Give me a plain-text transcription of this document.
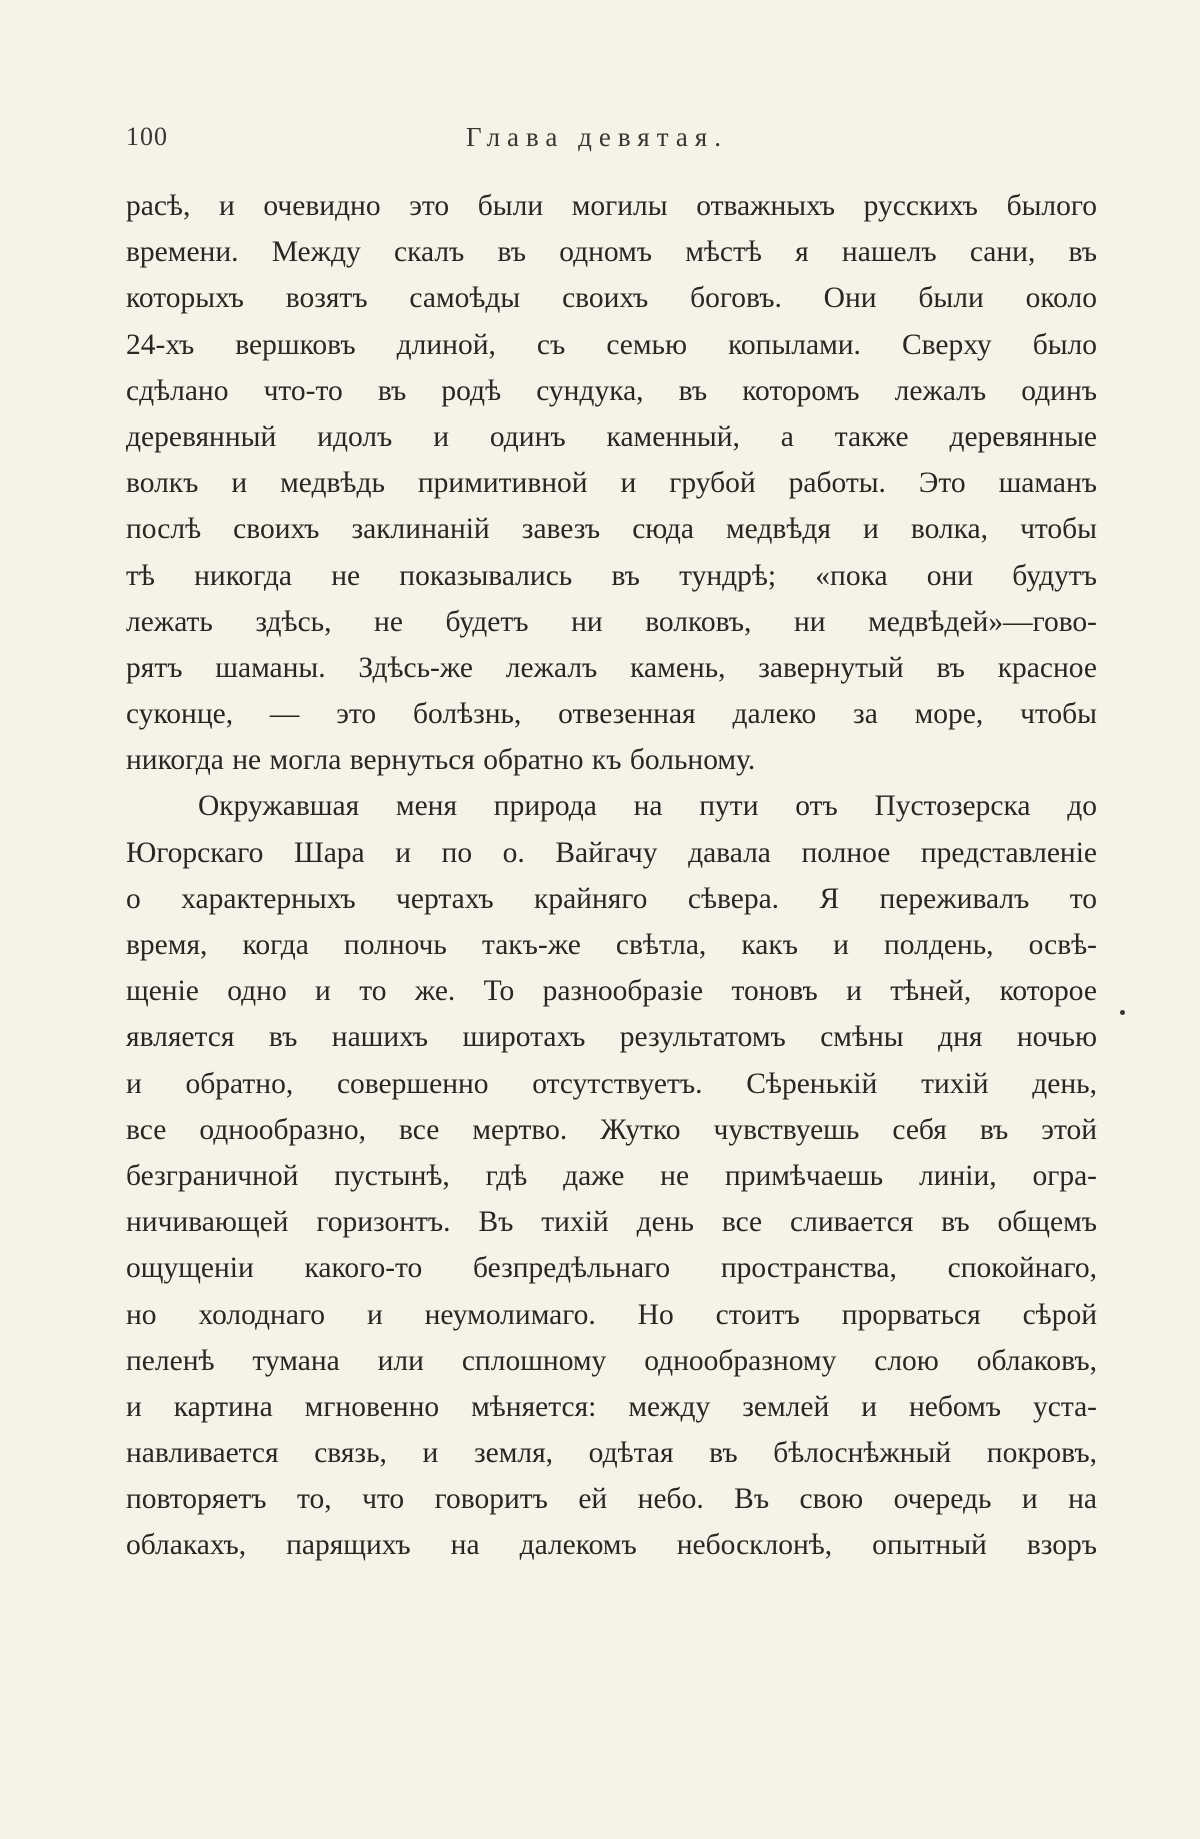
100	Глава девятая.
расѣ, и очевидно это были могилы отважныхъ русскихъ былого
времени. Между скалъ въ одномъ мѣстѣ я нашелъ сани, въ
которыхъ возятъ самоѣды своихъ боговъ. Они были около
24-хъ вершковъ длиной, съ семью копылами. Сверху было
сдѣлано что-то въ родѣ сундука, въ которомъ лежалъ одинъ
деревянный идолъ и одинъ каменный, а также деревянные
волкъ и медвѣдь примитивной и грубой работы. Это шаманъ
послѣ своихъ заклинаній завезъ сюда медвѣдя и волка, чтобы
тѣ никогда не показывались въ тундрѣ; «пока они будутъ
лежать здѣсь, не будетъ ни волковъ, ни медвѣдей»—гово-
рятъ шаманы. Здѣсь-же лежалъ камень, завернутый въ красное
суконце, — это болѣзнь, отвезенная далеко за море, чтобы
никогда не могла вернуться обратно къ больному.
Окружавшая меня природа на пути отъ Пустозерска до
Югорскаго Шара и по о. Вайгачу давала полное представленіе
о характерныхъ чертахъ крайняго сѣвера. Я переживалъ то
время, когда полночь такъ-же свѣтла, какъ и полдень, освѣ-
щеніе одно и то же. То разнообразіе тоновъ и тѣней, которое
является въ нашихъ широтахъ результатомъ смѣны дня ночью
и обратно, совершенно отсутствуетъ. Сѣренькій тихій день,
все однообразно, все мертво. Жутко чувствуешь себя въ этой
безграничной пустынѣ, гдѣ даже не примѣчаешь линіи, огра-
ничивающей горизонтъ. Въ тихій день все сливается въ общемъ
ощущеніи какого-то безпредѣльнаго пространства, спокойнаго,
но холоднаго и неумолимаго. Но стоитъ прорваться сѣрой
пеленѣ тумана или сплошному однообразному слою облаковъ,
и картина мгновенно мѣняется: между землей и небомъ уста-
навливается связь, и земля, одѣтая въ бѣлоснѣжный покровъ,
повторяетъ то, что говоритъ ей небо. Въ свою очередь и на
облакахъ, парящихъ на далекомъ небосклонѣ, опытный взоръ
